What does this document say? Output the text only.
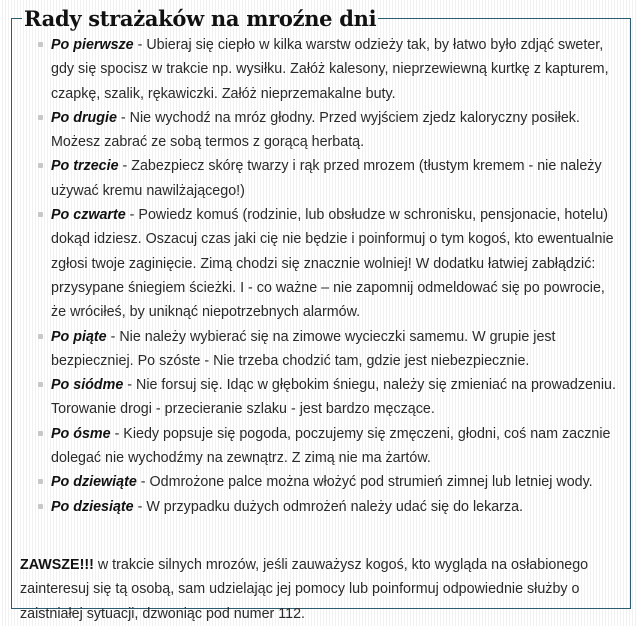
Rady strażaków na mroźne dni
Po pierwsze - Ubieraj się ciepło w kilka warstw odzieży tak, by łatwo było zdjąć sweter, gdy się spocisz w trakcie np. wysiłku. Załóż kalesony, nieprzewiewną kurtkę z kapturem, czapkę, szalik, rękawiczki. Załóż nieprzemakalne buty.
Po drugie - Nie wychodź na mróz głodny. Przed wyjściem zjedz kaloryczny posiłek. Możesz zabrać ze sobą termos z gorącą herbatą.
Po trzecie - Zabezpiecz skórę twarzy i rąk przed mrozem (tłustym kremem - nie należy używać kremu nawilżającego!)
Po czwarte - Powiedz komuś (rodzinie, lub obsłudze w schronisku, pensjonacie, hotelu) dokąd idziesz. Oszacuj czas jaki cię nie będzie i poinformuj o tym kogoś, kto ewentualnie zgłosi twoje zaginięcie. Zimą chodzi się znacznie wolniej! W dodatku łatwiej zabłądzić: przysypane śniegiem ścieżki. I - co ważne – nie zapomnij odmeldować się po powrocie, że wróciłeś, by uniknąć niepotrzebnych alarmów.
Po piąte - Nie należy wybierać się na zimowe wycieczki samemu. W grupie jest bezpieczniej. Po szóste - Nie trzeba chodzić tam, gdzie jest niebezpiecznie.
Po siódme - Nie forsuj się. Idąc w głębokim śniegu, należy się zmieniać na prowadzeniu. Torowanie drogi - przecieranie szlaku - jest bardzo męczące.
Po ósme - Kiedy popsuje się pogoda, poczujemy się zmęczeni, głodni, coś nam zacznie dolegać nie wychodźmy na zewnątrz. Z zimą nie ma żartów.
Po dziewiąte - Odmrożone palce można włożyć pod strumień zimnej lub letniej wody.
Po dziesiąte - W przypadku dużych odmrożeń należy udać się do lekarza.

ZAWSZE!!! w trakcie silnych mrozów, jeśli zauważysz kogoś, kto wygląda na osłabionego zainteresuj się tą osobą, sam udzielając jej pomocy lub poinformuj odpowiednie służby o zaistniałej sytuacji, dzwoniąc pod numer 112.
